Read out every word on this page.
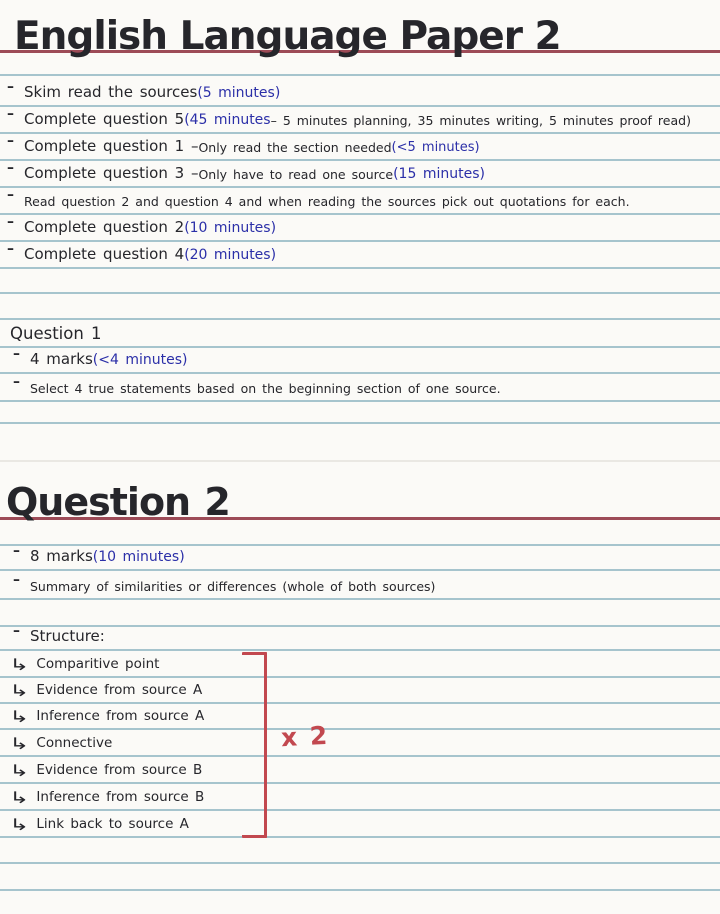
English Language Paper 2
– Skim read the sources (5 minutes)
– Complete question 5 (45 minutes – 5 minutes planning, 35 minutes writing, 5 minutes proof read)
– Complete question 1 – Only read the section needed (<5 minutes)
– Complete question 3 – Only have to read one source (15 minutes)
– Read question 2 and question 4 and when reading the sources pick out quotations for each.
– Complete question 2 (10 minutes)
– Complete question 4 (20 minutes)
Question 1
– 4 marks (<4 minutes)
– Select 4 true statements based on the beginning section of one source.
Question 2
– 8 marks (10 minutes)
– Summary of similarities or differences (whole of both sources)
– Structure:
↳ Comparitive point
↳ Evidence from source A
↳ Inference from source A
↳ Connective
↳ Evidence from source B
↳ Inference from source B
↳ Link back to source A
x 2
